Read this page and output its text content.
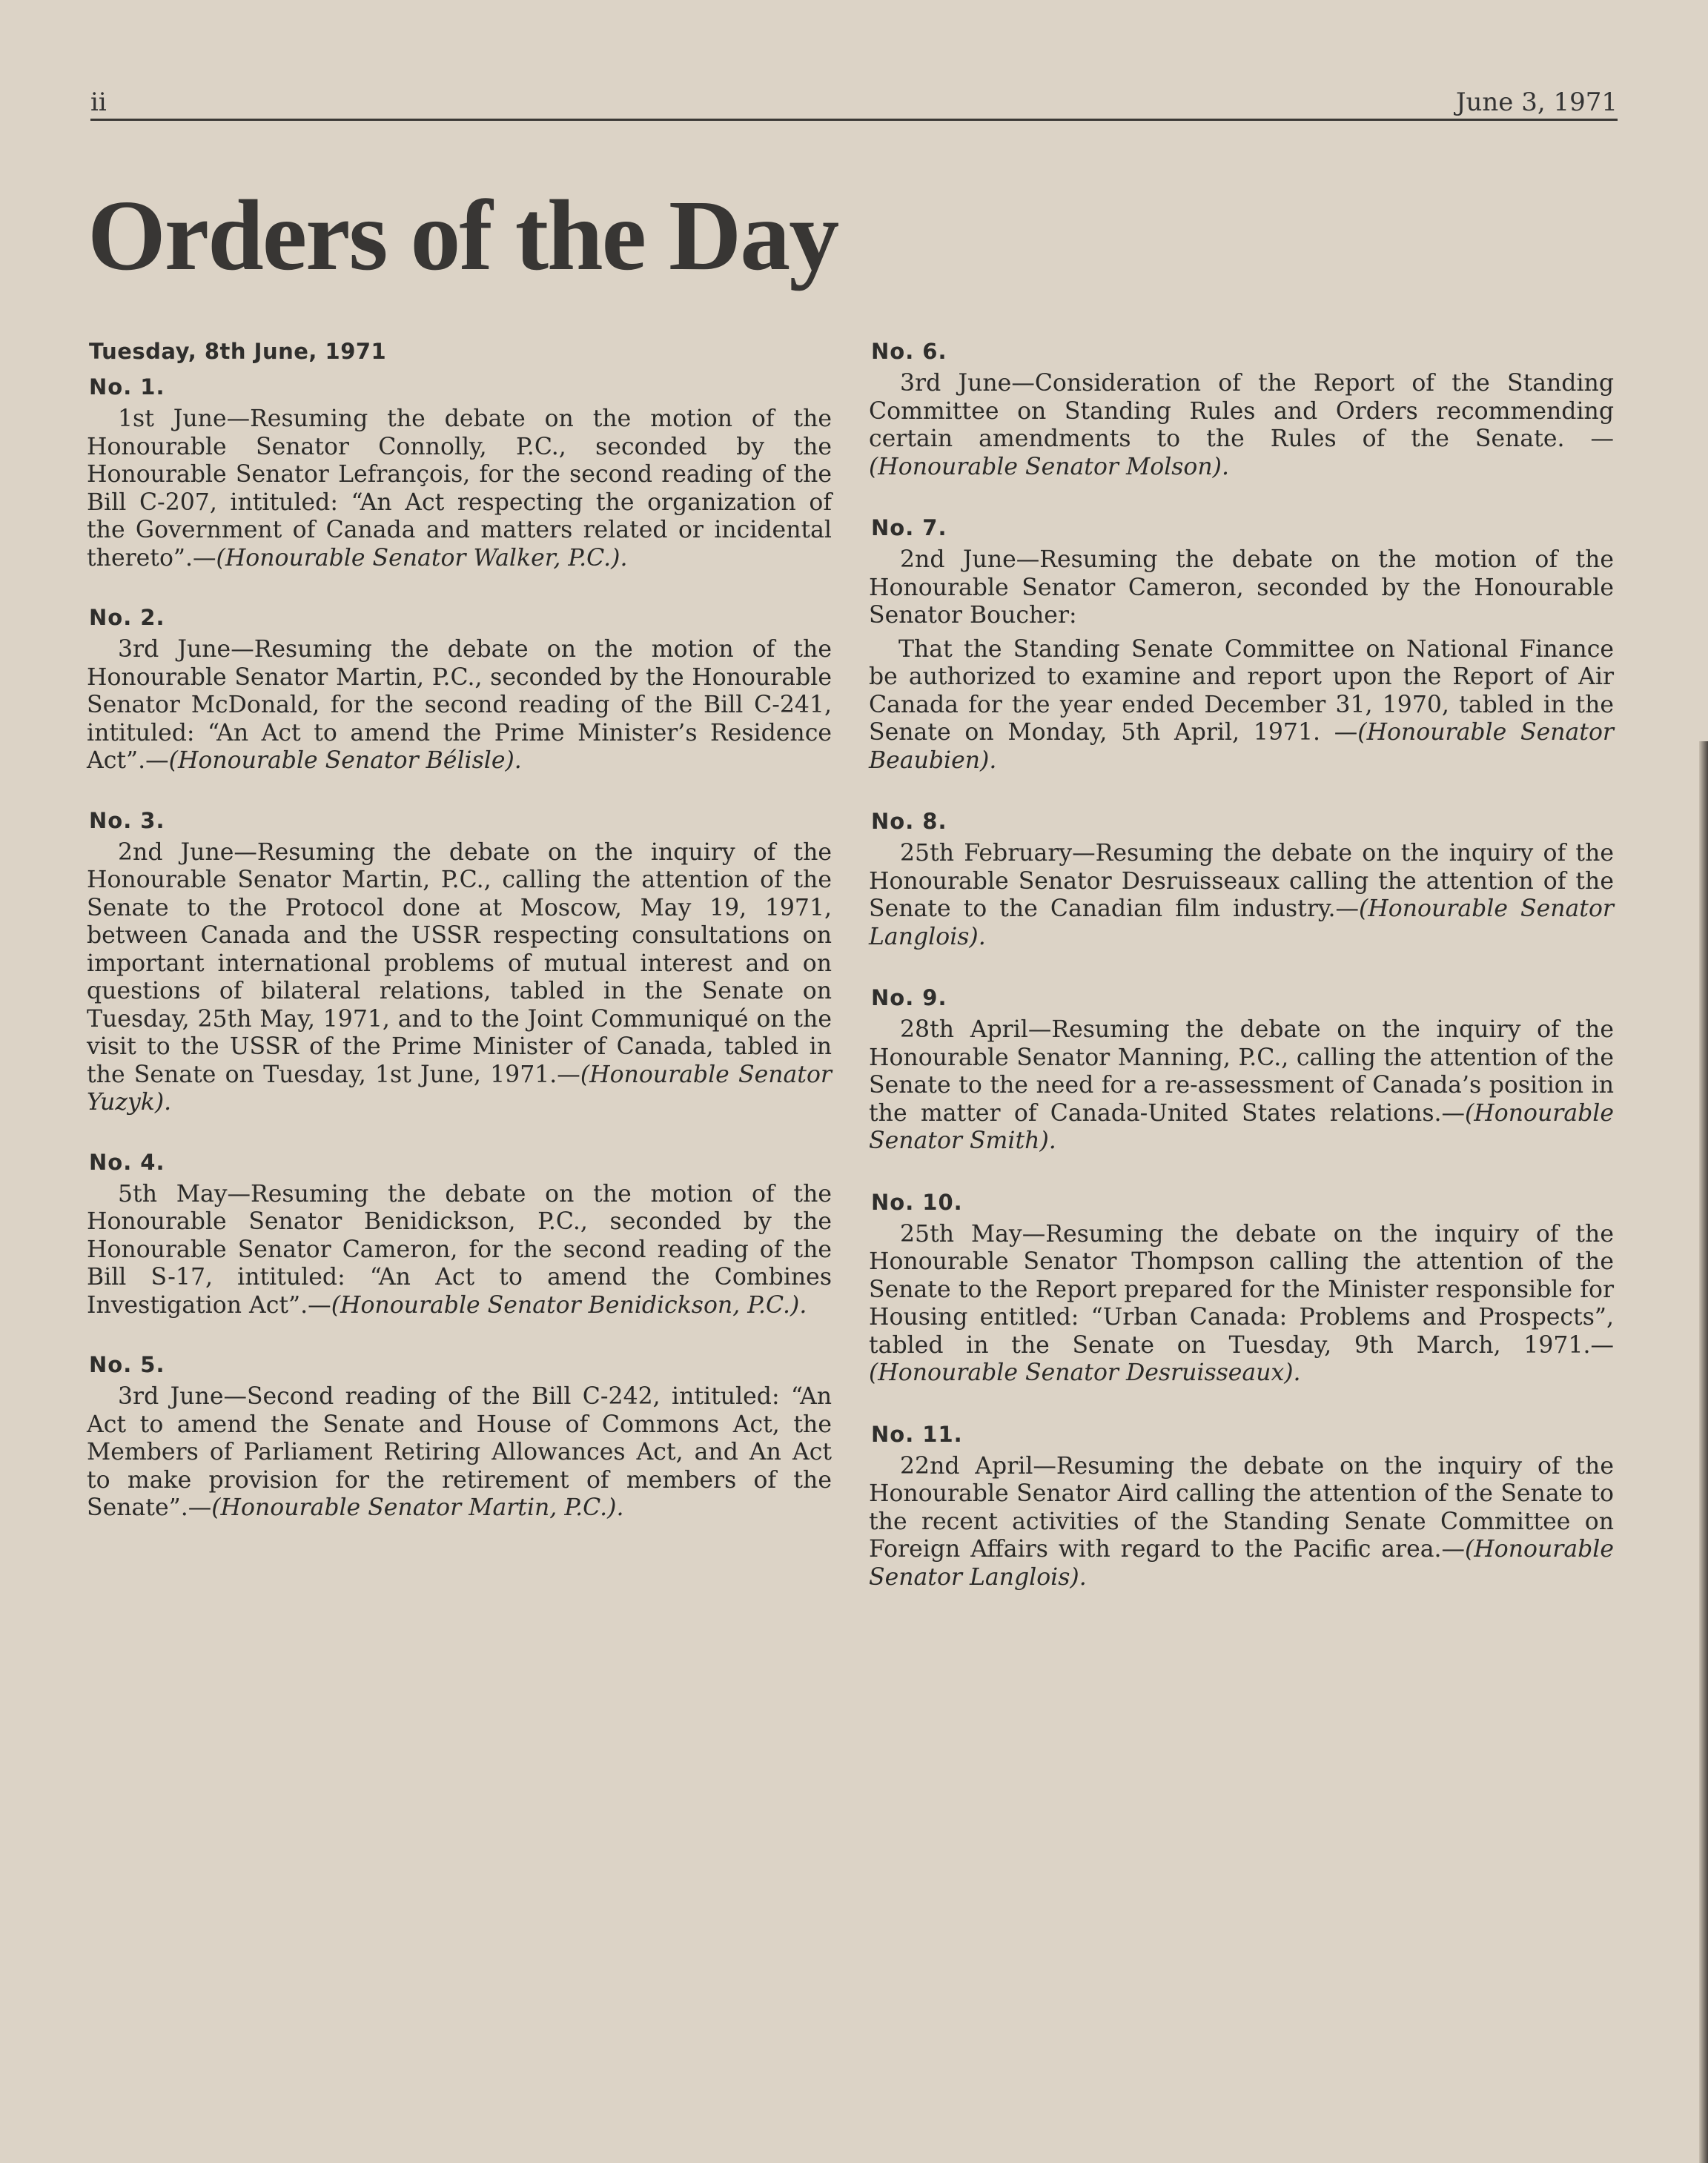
ii	June 3, 1971
Orders of the Day
Tuesday, 8th June, 1971
No. 1.

1st June—Resuming the debate on the motion of the Honourable Senator Connolly, P.C., seconded by the Honourable Senator Lefrançois, for the second reading of the Bill C-207, intituled: “An Act respecting the organization of the Government of Canada and matters related or incidental thereto”.—(Honourable Senator Walker, P.C.).

No. 2.

3rd June—Resuming the debate on the motion of the Honourable Senator Martin, P.C., seconded by the Honourable Senator McDonald, for the second reading of the Bill C-241, intituled: “An Act to amend the Prime Minister’s Residence Act”.—(Honourable Senator Bélisle).

No. 3.

2nd June—Resuming the debate on the inquiry of the Honourable Senator Martin, P.C., calling the attention of the Senate to the Protocol done at Moscow, May 19, 1971, between Canada and the USSR respecting consultations on important international problems of mutual interest and on questions of bilateral relations, tabled in the Senate on Tuesday, 25th May, 1971, and to the Joint Communiqué on the visit to the USSR of the Prime Minister of Canada, tabled in the Senate on Tuesday, 1st June, 1971.—(Honourable Senator Yuzyk).

No. 4.

5th May—Resuming the debate on the motion of the Honourable Senator Benidickson, P.C., seconded by the Honourable Senator Cameron, for the second reading of the Bill S-17, intituled: “An Act to amend the Combines Investigation Act”.—(Honourable Senator Benidickson, P.C.).

No. 5.

3rd June—Second reading of the Bill C-242, intituled: “An Act to amend the Senate and House of Commons Act, the Members of Parliament Retiring Allowances Act, and An Act to make provision for the retirement of members of the Senate”.—(Honourable Senator Martin, P.C.).

No. 6.

3rd June—Consideration of the Report of the Standing Committee on Standing Rules and Orders recommending certain amendments to the Rules of the Senate. —(Honourable Senator Molson).

No. 7.

2nd June—Resuming the debate on the motion of the Honourable Senator Cameron, seconded by the Honourable Senator Boucher:

That the Standing Senate Committee on National Finance be authorized to examine and report upon the Report of Air Canada for the year ended December 31, 1970, tabled in the Senate on Monday, 5th April, 1971. —(Honourable Senator Beaubien).

No. 8.

25th February—Resuming the debate on the inquiry of the Honourable Senator Desruisseaux calling the attention of the Senate to the Canadian film industry.—(Honourable Senator Langlois).

No. 9.

28th April—Resuming the debate on the inquiry of the Honourable Senator Manning, P.C., calling the attention of the Senate to the need for a re-assessment of Canada’s position in the matter of Canada-United States relations.—(Honourable Senator Smith).

No. 10.

25th May—Resuming the debate on the inquiry of the Honourable Senator Thompson calling the attention of the Senate to the Report prepared for the Minister responsible for Housing entitled: “Urban Canada: Problems and Prospects”, tabled in the Senate on Tuesday, 9th March, 1971.—(Honourable Senator Desruisseaux).

No. 11.

22nd April—Resuming the debate on the inquiry of the Honourable Senator Aird calling the attention of the Senate to the recent activities of the Standing Senate Committee on Foreign Affairs with regard to the Pacific area.—(Honourable Senator Langlois).
